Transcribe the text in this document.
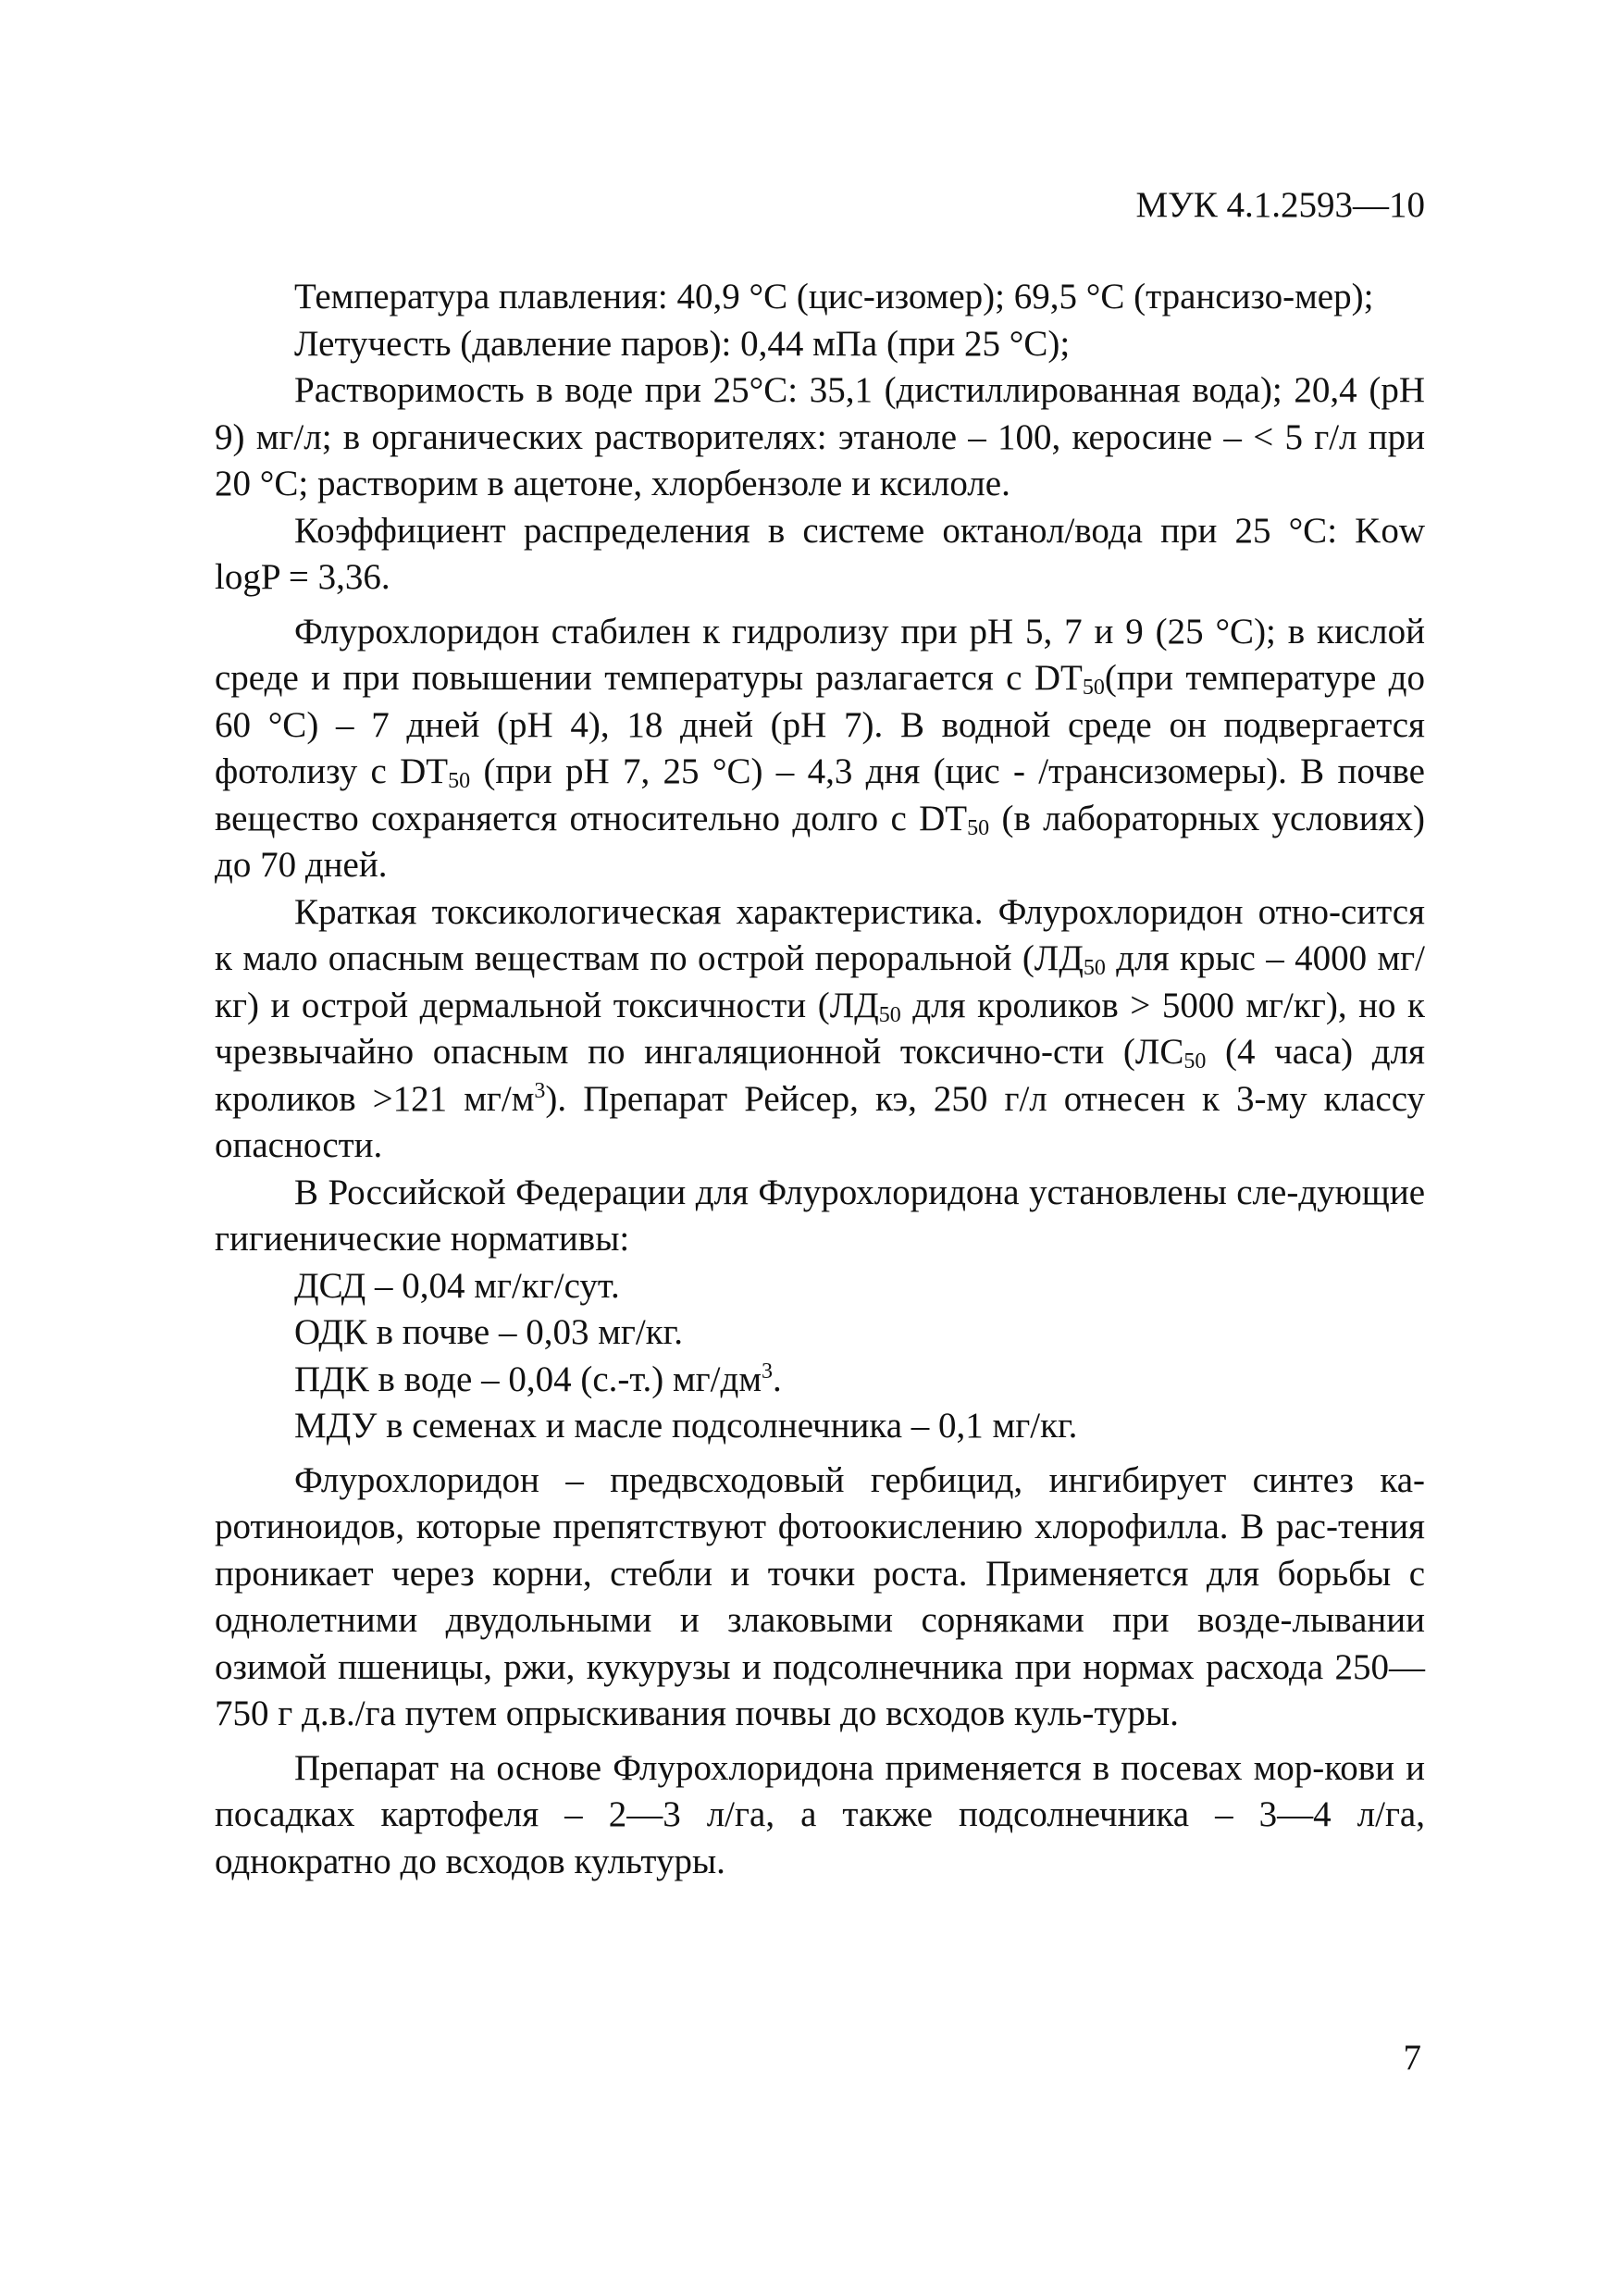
МУК 4.1.2593—10

Температура плавления: 40,9 °С (цис-изомер); 69,5 °С (трансизо-мер);

Летучесть (давление паров): 0,44 мПа (при 25 °С);

Растворимость в воде при 25°С: 35,1 (дистиллированная вода); 20,4 (рН 9) мг/л; в органических растворителях: этаноле – 100, керосине – < 5 г/л при 20 °С; растворим в ацетоне, хлорбензоле и ксилоле.

Коэффициент распределения в системе октанол/вода при 25 °С: Kow logP = 3,36.

Флурохлоридон стабилен к гидролизу при рН 5, 7 и 9 (25 °С); в кислой среде и при повышении температуры разлагается с $DT_{50}(при$ температуре до 60 °С) – 7 дней (рН 4), 18 дней (рН 7). В водной среде он подвергается фотолизу с $DT_{50}$ (при рН 7, 25 °С) – 4,3 дня (цис - /трансизомеры). В почве вещество сохраняется относительно долго с $DT_{50}$ (в лабораторных условиях) до 70 дней.

Краткая токсикологическая характеристика. Флурохлоридон отно-сится к мало опасным веществам по острой пероральной ($ЛД_{50}$ для крыс – 4000 мг/кг) и острой дермальной токсичности ($ЛД_{50}$ для кроликов > 5000 мг/кг), но к чрезвычайно опасным по ингаляционной токсично-сти ($ЛС_{50}$ (4 часа) для кроликов >121 $мг/м^3$). Препарат Рейсер, кэ, 250 г/л отнесен к 3-му классу опасности.

В Российской Федерации для Флурохлоридона установлены сле-дующие гигиенические нормативы:

ДСД – 0,04 мг/кг/сут.

ОДК в почве – 0,03 мг/кг.

ПДК в воде – 0,04 (с.-т.) $мг/дм^3$.

МДУ в семенах и масле подсолнечника – 0,1 мг/кг.

Флурохлоридон – предвсходовый гербицид, ингибирует синтез ка-ротиноидов, которые препятствуют фотоокислению хлорофилла. В рас-тения проникает через корни, стебли и точки роста. Применяется для борьбы с однолетними двудольными и злаковыми сорняками при возде-лывании озимой пшеницы, ржи, кукурузы и подсолнечника при нормах расхода 250—750 г д.в./га путем опрыскивания почвы до всходов куль-туры.

Препарат на основе Флурохлоридона применяется в посевах мор-кови и посадках картофеля – 2—3 л/га, а также подсолнечника – 3—4 л/га, однократно до всходов культуры.

7
